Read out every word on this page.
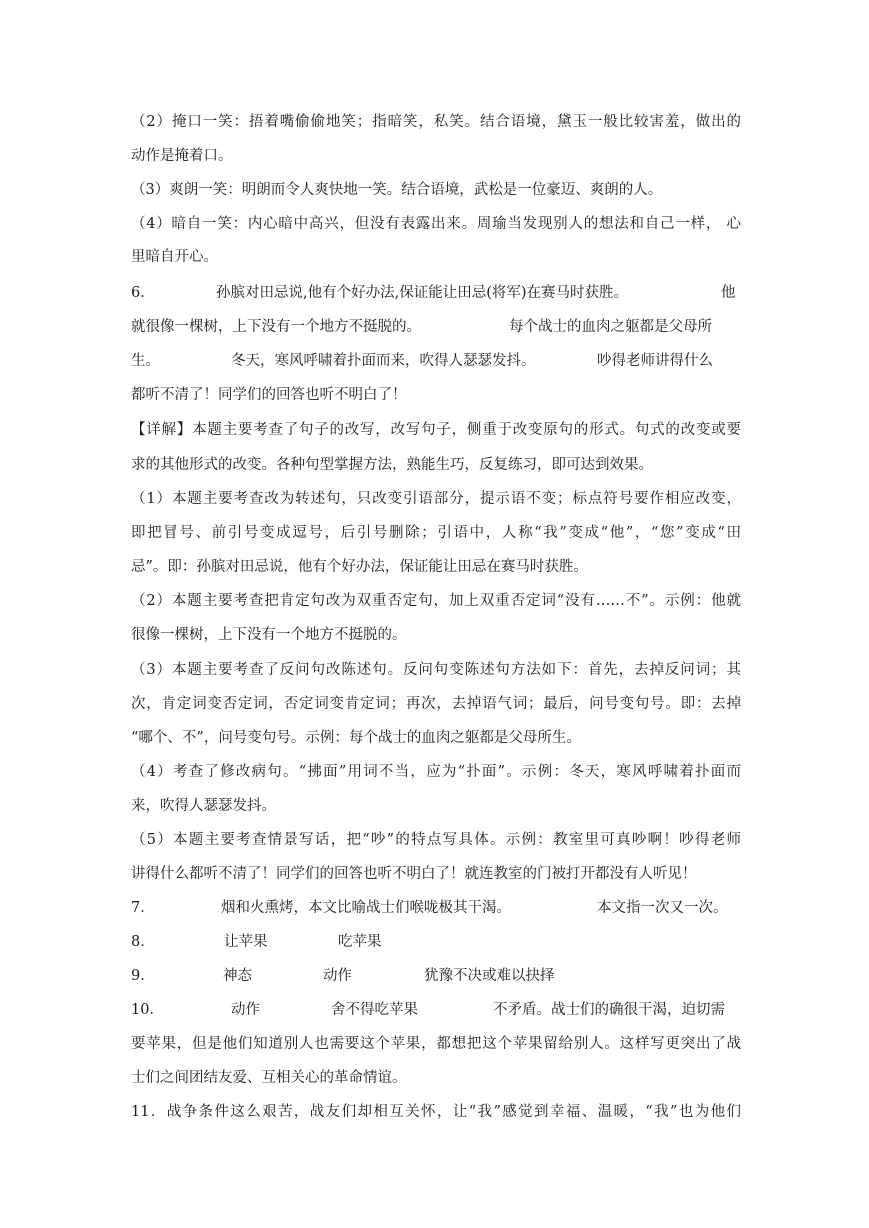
（2）掩口一笑：捂着嘴偷偷地笑；指暗笑，私笑。结合语境，黛玉一般比较害羞，做出的
动作是掩着口。
（3）爽朗一笑：明朗而令人爽快地一笑。结合语境，武松是一位豪迈、爽朗的人。
（4）暗自一笑：内心暗中高兴，但没有表露出来。周瑜当发现别人的想法和自己一样， 心
里暗自开心。
6．	孙膑对田忌说,他有个好办法,保证能让田忌(将军)在赛马时获胜。	他
就很像一棵树，上下没有一个地方不挺脱的。	每个战士的血肉之躯都是父母所
生。	冬天，寒风呼啸着扑面而来，吹得人瑟瑟发抖。	吵得老师讲得什么
都听不清了！同学们的回答也听不明白了！
【详解】本题主要考查了句子的改写，改写句子，侧重于改变原句的形式。句式的改变或要
求的其他形式的改变。各种句型掌握方法，熟能生巧，反复练习，即可达到效果。
（1）本题主要考查改为转述句，只改变引语部分，提示语不变；标点符号要作相应改变，
即把冒号、前引号变成逗号，后引号删除；引语中，人称“我”变成“他”，“您”变成“田
忌”。即：孙膑对田忌说，他有个好办法，保证能让田忌在赛马时获胜。
（2）本题主要考查把肯定句改为双重否定句，加上双重否定词“没有……不”。示例：他就
很像一棵树，上下没有一个地方不挺脱的。
（3）本题主要考查了反问句改陈述句。反问句变陈述句方法如下：首先，去掉反问词；其
次，肯定词变否定词，否定词变肯定词；再次，去掉语气词；最后，问号变句号。即：去掉
“哪个、不”，问号变句号。示例：每个战士的血肉之躯都是父母所生。
（4）考查了修改病句。“拂面”用词不当，应为“扑面”。示例：冬天，寒风呼啸着扑面而
来，吹得人瑟瑟发抖。
（5）本题主要考查情景写话，把“吵”的特点写具体。示例：教室里可真吵啊！吵得老师
讲得什么都听不清了！同学们的回答也听不明白了！就连教室的门被打开都没有人听见！
7．	烟和火熏烤，本文比喻战士们喉咙极其干渴。	本文指一次又一次。
8．	让苹果	吃苹果
9．	神态	动作	犹豫不决或难以抉择
10．	动作	舍不得吃苹果	不矛盾。战士们的确很干渴，迫切需
要苹果，但是他们知道别人也需要这个苹果，都想把这个苹果留给别人。这样写更突出了战
士们之间团结友爱、互相关心的革命情谊。
11．战争条件这么艰苦，战友们却相互关怀，让“我”感觉到幸福、温暖，“我”也为他们
